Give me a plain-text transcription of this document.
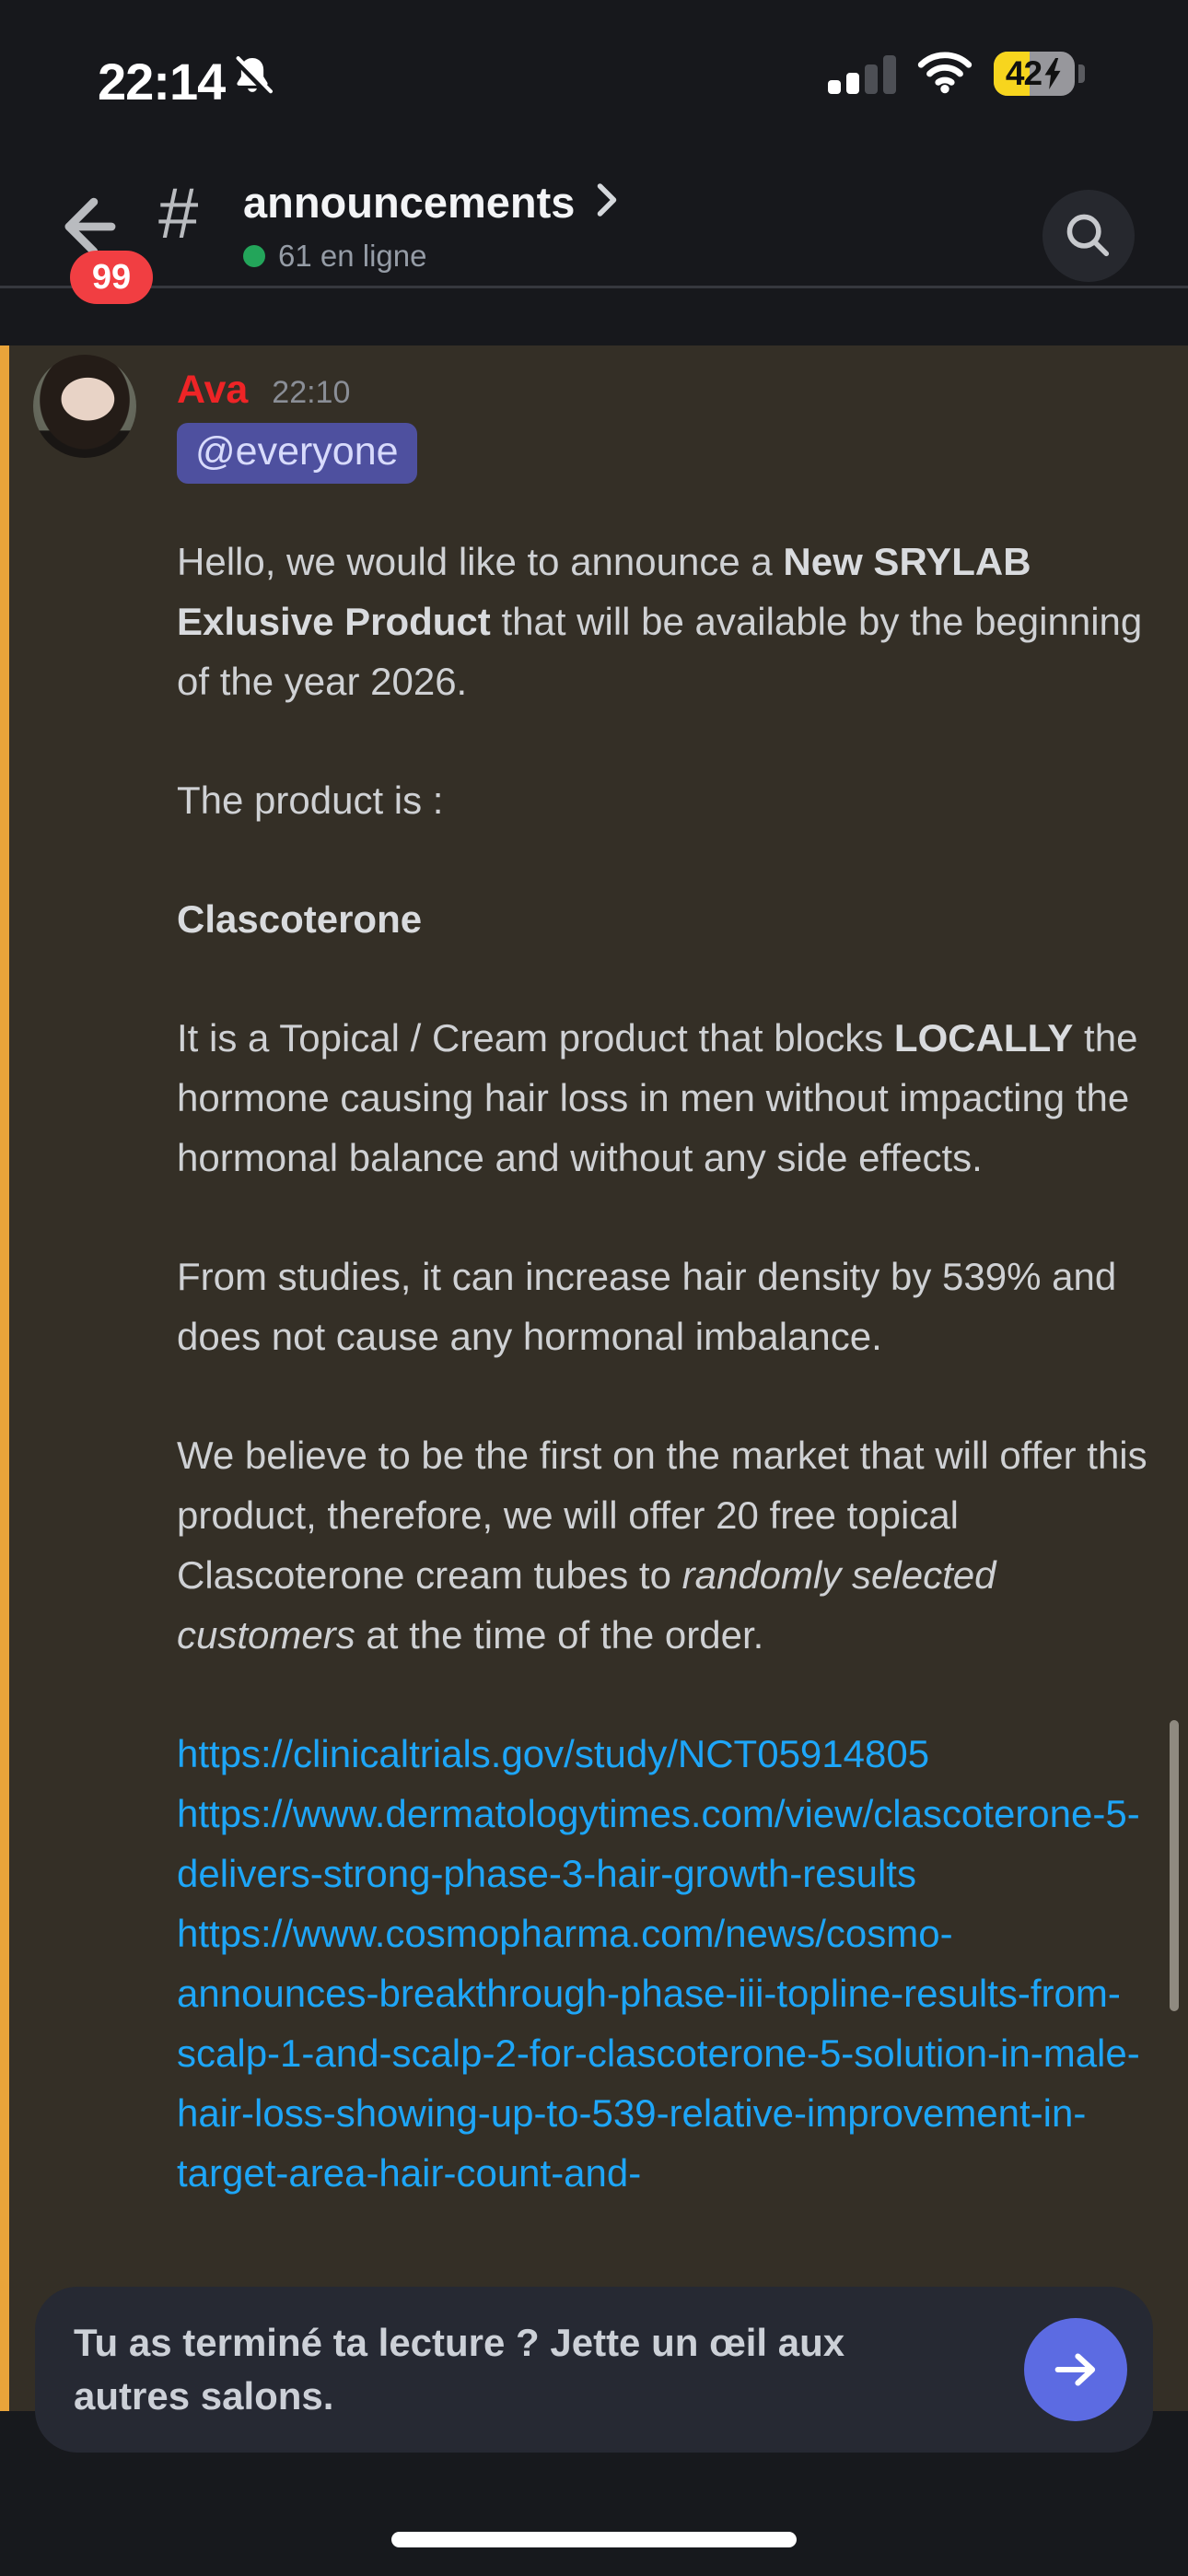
22:14	42
99
# announcements
61 en ligne
Ava 22:10
@everyone
Hello, we would like to announce a New SRYLAB Exlusive Product that will be available by the beginning of the year 2026.
The product is :
Clascoterone
It is a Topical / Cream product that blocks LOCALLY the hormone causing hair loss in men without impacting the hormonal balance and without any side effects.
From studies, it can increase hair density by 539% and does not cause any hormonal imbalance.
We believe to be the first on the market that will offer this product, therefore, we will offer 20 free topical Clascoterone cream tubes to randomly selected customers at the time of the order.
https://clinicaltrials.gov/study/NCT05914805
https://www.dermatologytimes.com/view/clascoterone-5-delivers-strong-phase-3-hair-growth-results
https://www.cosmopharma.com/news/cosmo-announces-breakthrough-phase-iii-topline-results-from-scalp-1-and-scalp-2-for-clascoterone-5-solution-in-male-hair-loss-showing-up-to-539-relative-improvement-in-target-area-hair-count-and-
Tu as terminé ta lecture ? Jette un œil aux autres salons.
